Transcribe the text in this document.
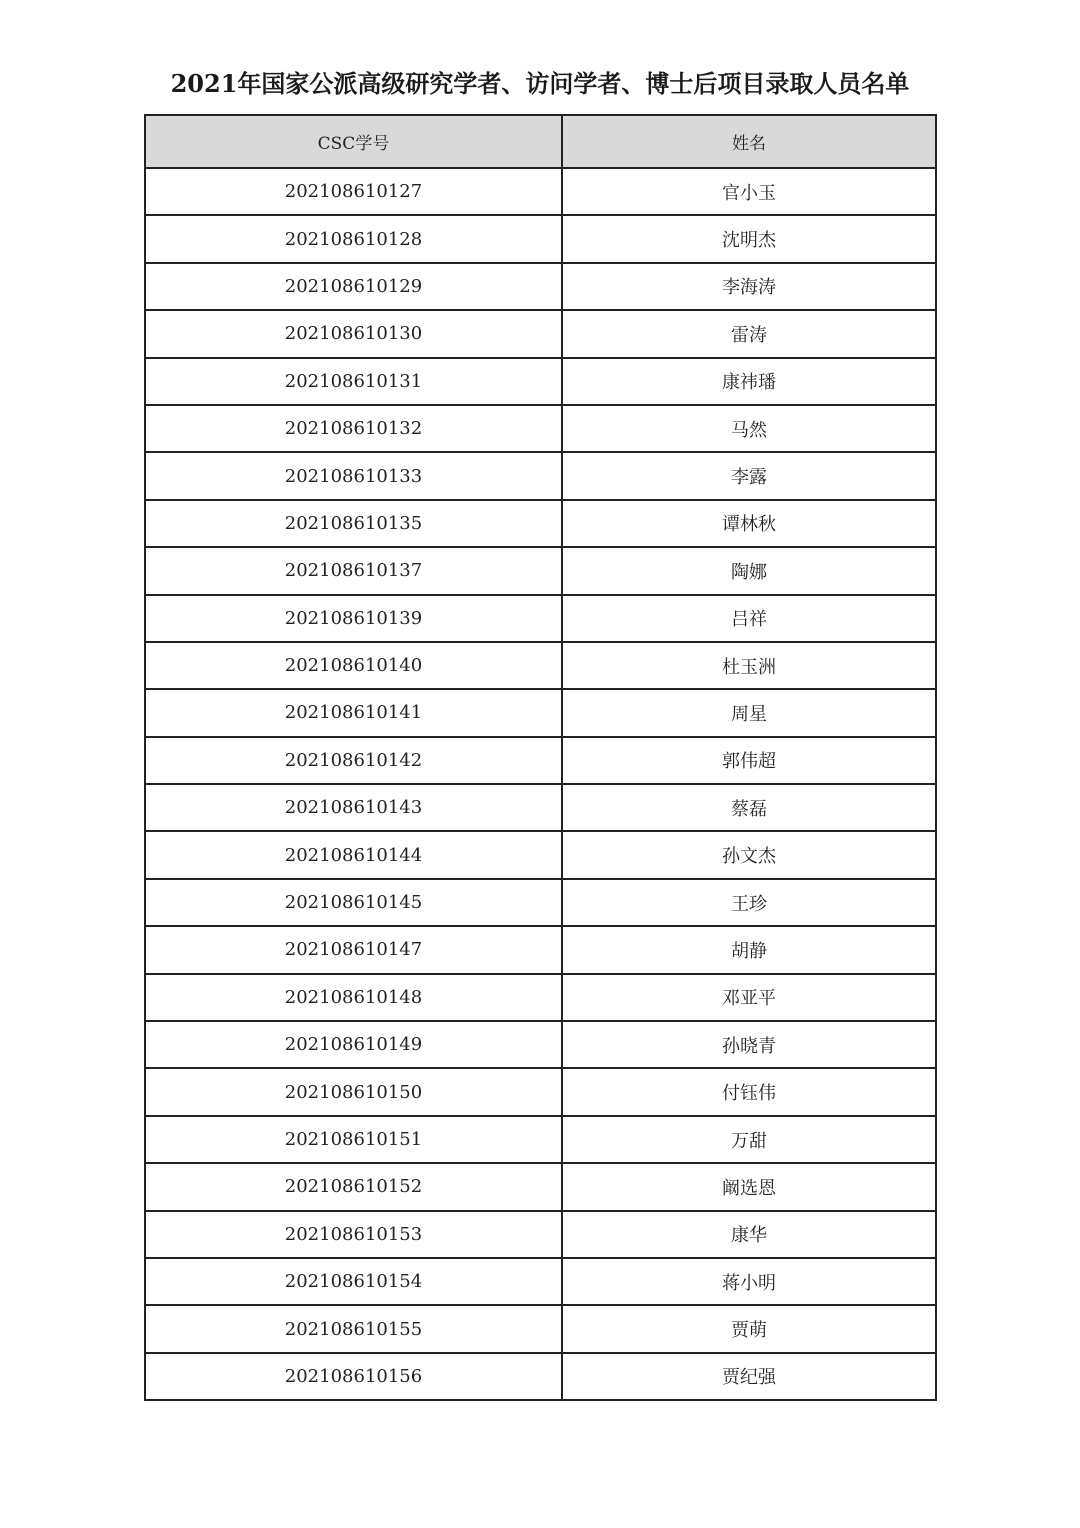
2021年国家公派高级研究学者、访问学者、博士后项目录取人员名单
CSC学号	姓名
202108610127	官小玉
202108610128	沈明杰
202108610129	李海涛
202108610130	雷涛
202108610131	康祎璠
202108610132	马然
202108610133	李露
202108610135	谭林秋
202108610137	陶娜
202108610139	吕祥
202108610140	杜玉洲
202108610141	周星
202108610142	郭伟超
202108610143	蔡磊
202108610144	孙文杰
202108610145	王珍
202108610147	胡静
202108610148	邓亚平
202108610149	孙晓青
202108610150	付钰伟
202108610151	万甜
202108610152	阚选恩
202108610153	康华
202108610154	蒋小明
202108610155	贾萌
202108610156	贾纪强
